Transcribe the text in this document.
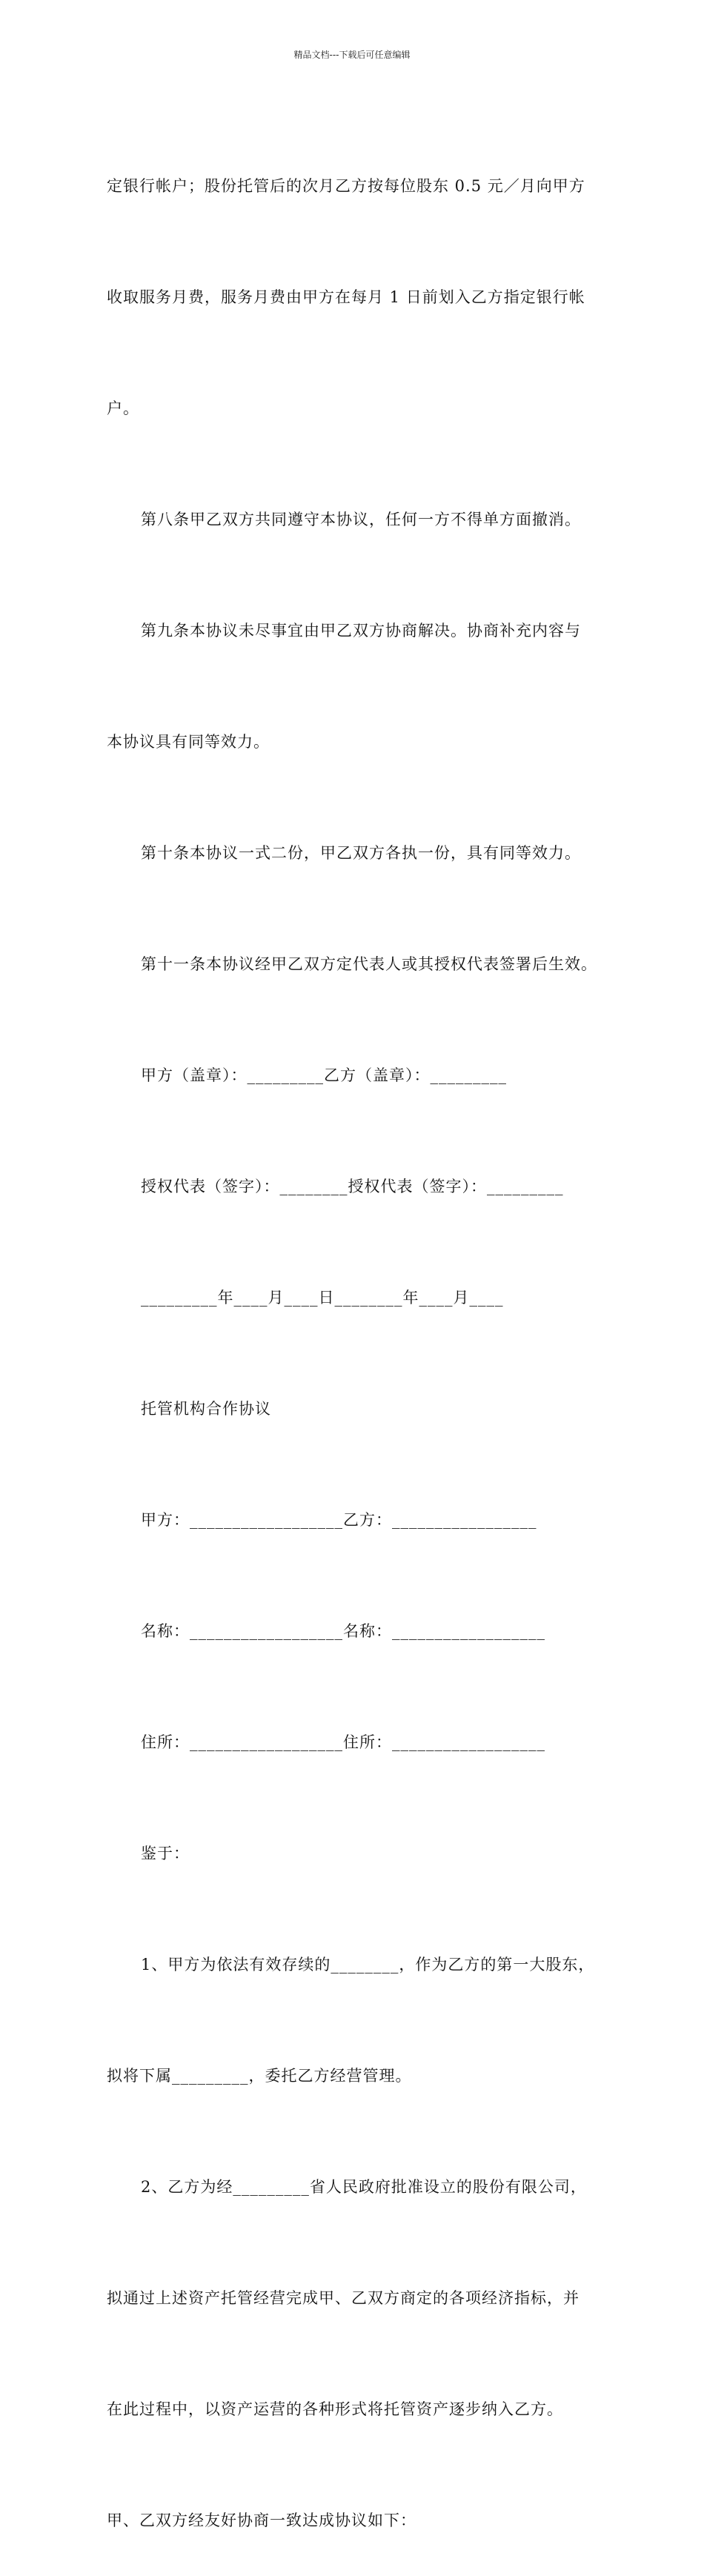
精品文档---下载后可任意编辑

定银行帐户；股份托管后的次月乙方按每位股东 0.5 元／月向甲方

收取服务月费，服务月费由甲方在每月 1 日前划入乙方指定银行帐

户。

第八条甲乙双方共同遵守本协议，任何一方不得单方面撤消。

第九条本协议未尽事宜由甲乙双方协商解决。协商补充内容与

本协议具有同等效力。

第十条本协议一式二份，甲乙双方各执一份，具有同等效力。

第十一条本协议经甲乙双方定代表人或其授权代表签署后生效。

甲方（盖章）：_________乙方（盖章）：_________

授权代表（签字）：________授权代表（签字）：_________

_________年____月____日________年____月____

托管机构合作协议

甲方：__________________乙方：_________________

名称：__________________名称：__________________

住所：__________________住所：__________________

鉴于：

1、甲方为依法有效存续的________，作为乙方的第一大股东，

拟将下属_________，委托乙方经营管理。

2、乙方为经_________省人民政府批准设立的股份有限公司，

拟通过上述资产托管经营完成甲、乙双方商定的各项经济指标，并

在此过程中，以资产运营的各种形式将托管资产逐步纳入乙方。

甲、乙双方经友好协商一致达成协议如下：
